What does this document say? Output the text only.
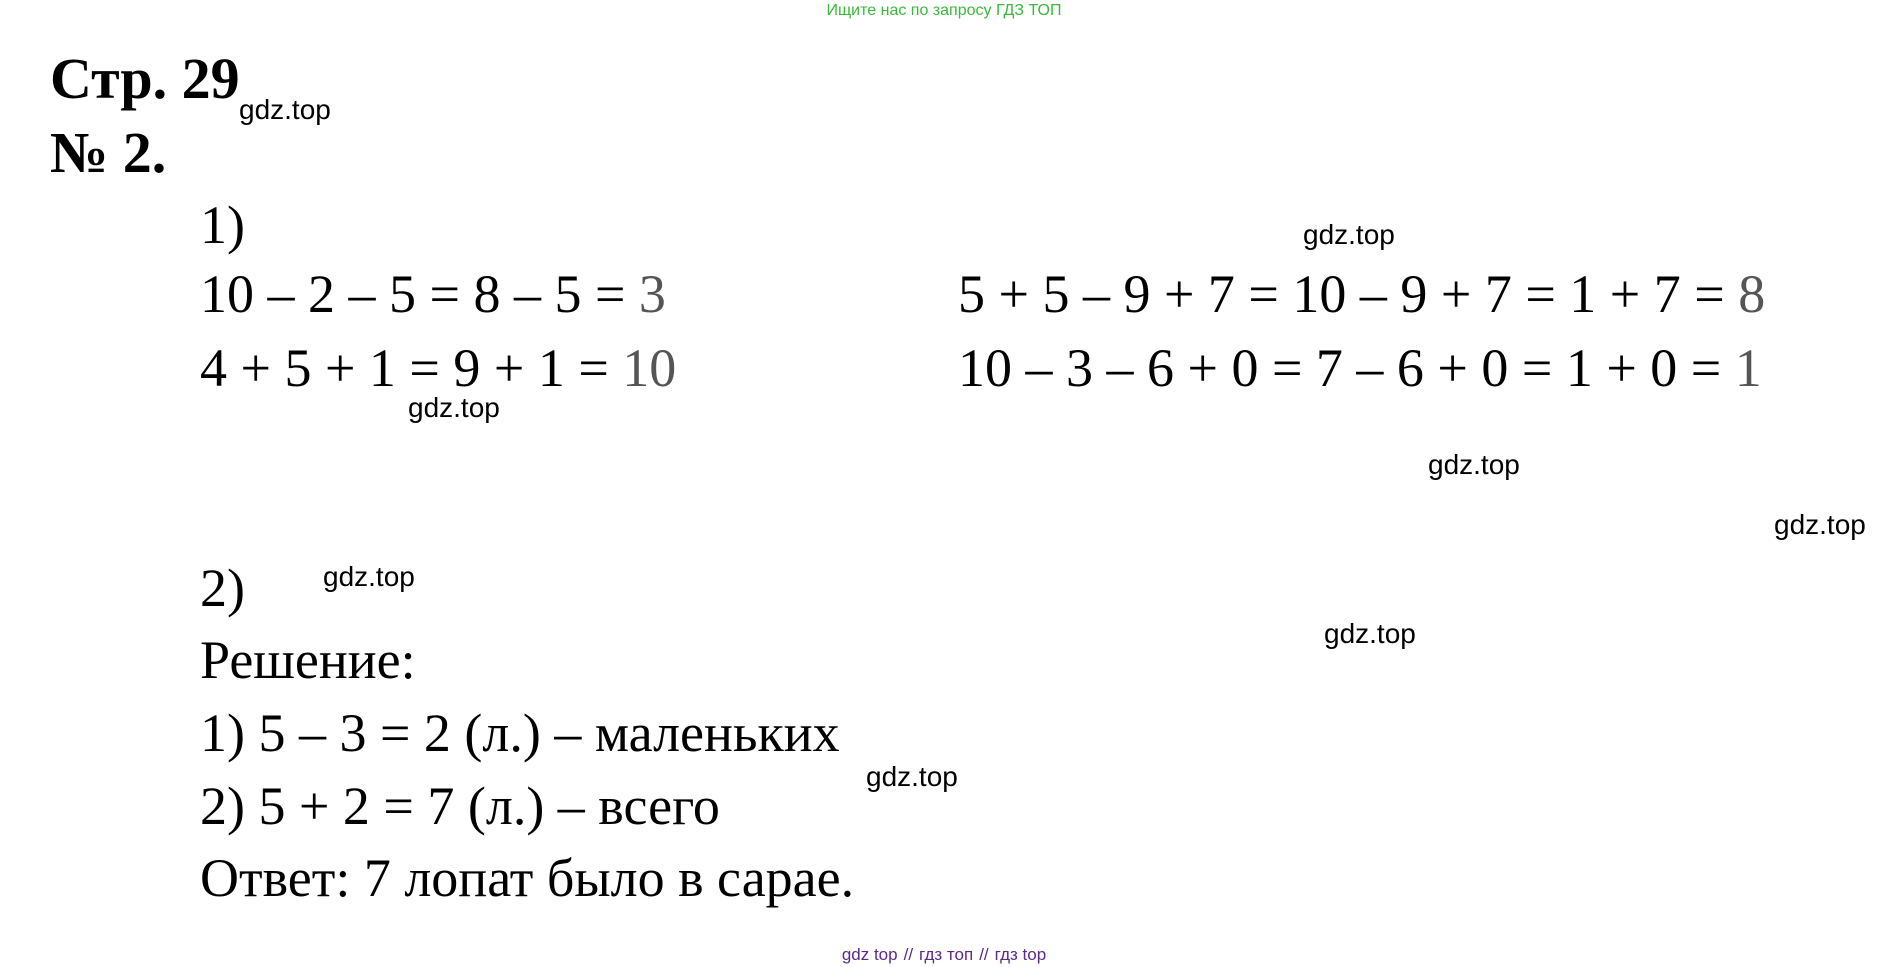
Ищите нас по запросу ГДЗ ТОП
Стр. 29
№ 2.
1)
10 – 2 – 5 = 8 – 5 = 3
4 + 5 + 1 = 9 + 1 = 10
5 + 5 – 9 + 7 = 10 – 9 + 7 = 1 + 7 = 8
10 – 3 – 6 + 0 = 7 – 6 + 0 = 1 + 0 = 1
2)
Решение:
1) 5 – 3 = 2 (л.) – маленьких
2) 5 + 2 = 7 (л.) – всего
Ответ: 7 лопат было в сарае.
gdz.top
gdz.top
gdz.top
gdz.top
gdz.top
gdz.top
gdz.top
gdz.top
gdz top // гдз топ // гдз top
